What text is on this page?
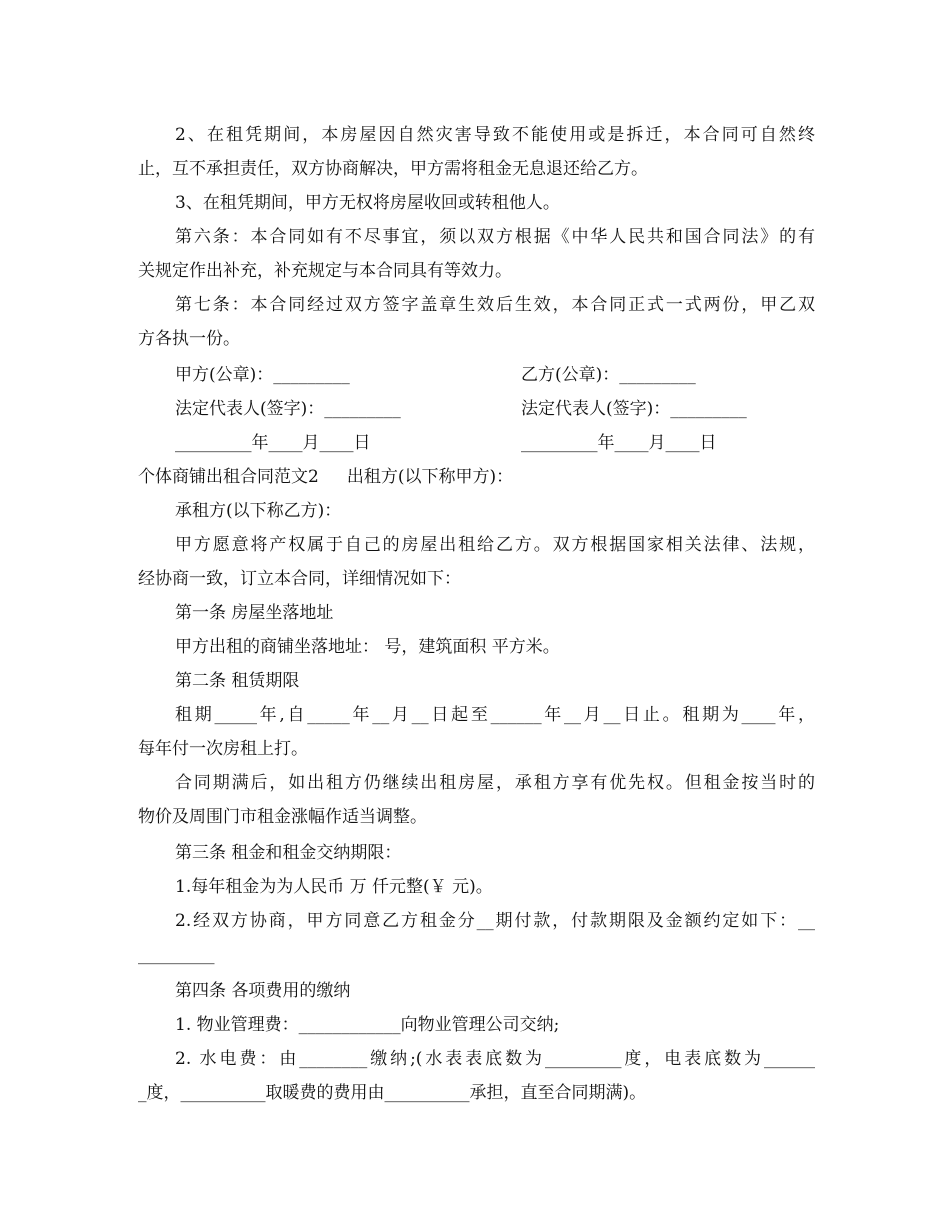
2、在租凭期间，本房屋因自然灾害导致不能使用或是拆迁，本合同可自然终
止，互不承担责任，双方协商解决，甲方需将租金无息退还给乙方。
3、在租凭期间，甲方无权将房屋收回或转租他人。
第六条：本合同如有不尽事宜，须以双方根据《中华人民共和国合同法》的有
关规定作出补充，补充规定与本合同具有等效力。
第七条：本合同经过双方签字盖章生效后生效，本合同正式一式两份，甲乙双
方各执一份。
甲方(公章)：_________	乙方(公章)：_________
法定代表人(签字)：_________	法定代表人(签字)：_________
_________年____月____日	_________年____月____日
个体商铺出租合同范文2 出租方(以下称甲方)：
承租方(以下称乙方)：
甲方愿意将产权属于自己的房屋出租给乙方。双方根据国家相关法律、法规，
经协商一致，订立本合同，详细情况如下：
第一条 房屋坐落地址
甲方出租的商铺坐落地址： 号，建筑面积 平方米。
第二条 租赁期限
租期_____年,自_____年__月__日起至______年__月__日止。租期为____年，
每年付一次房租上打。
合同期满后，如出租方仍继续出租房屋，承租方享有优先权。但租金按当时的
物价及周围门市租金涨幅作适当调整。
第三条 租金和租金交纳期限：
1.每年租金为为人民币 万 仟元整(￥ 元)。
2.经双方协商，甲方同意乙方租金分__期付款，付款期限及金额约定如下：__
_________
第四条 各项费用的缴纳
1. 物业管理费：____________向物业管理公司交纳;
2. 水电费：由________缴纳;(水表表底数为_________度，电表底数为______
_度，__________取暖费的费用由__________承担，直至合同期满)。
